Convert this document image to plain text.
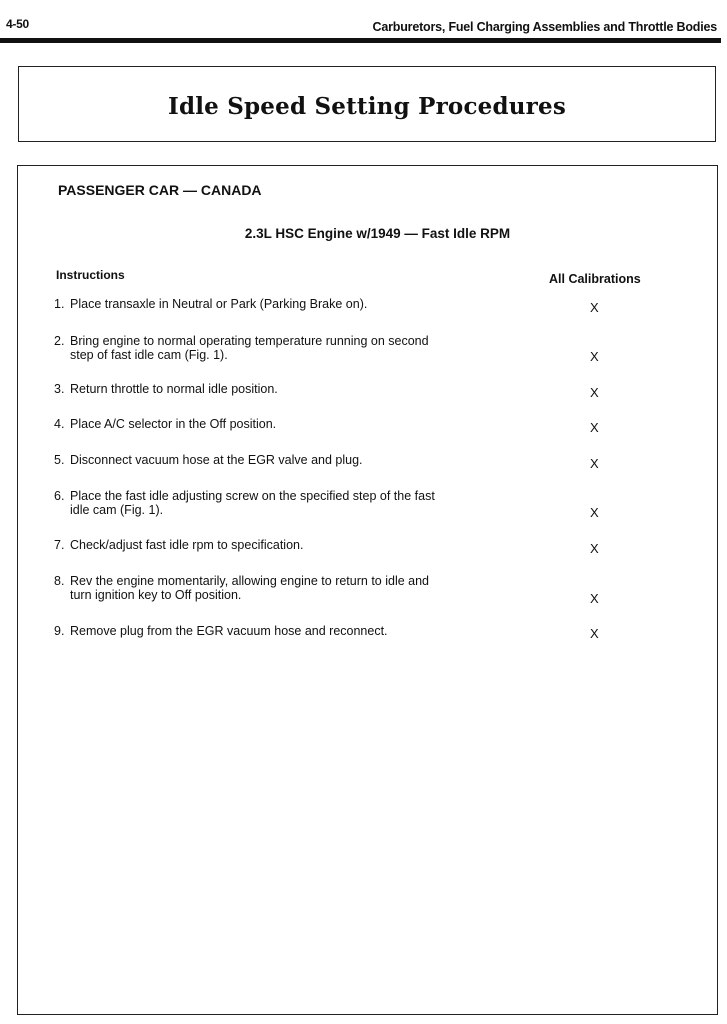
4-50	Carburetors, Fuel Charging Assemblies and Throttle Bodies
Idle Speed Setting Procedures
PASSENGER CAR — CANADA
2.3L HSC Engine w/1949 — Fast Idle RPM
Instructions	All Calibrations
1. Place transaxle in Neutral or Park (Parking Brake on).	X
2. Bring engine to normal operating temperature running on second
step of fast idle cam (Fig. 1).	X
3. Return throttle to normal idle position.	X
4. Place A/C selector in the Off position.	X
5. Disconnect vacuum hose at the EGR valve and plug.	X
6. Place the fast idle adjusting screw on the specified step of the fast
idle cam (Fig. 1).	X
7. Check/adjust fast idle rpm to specification.	X
8. Rev the engine momentarily, allowing engine to return to idle and
turn ignition key to Off position.	X
9. Remove plug from the EGR vacuum hose and reconnect.	X
